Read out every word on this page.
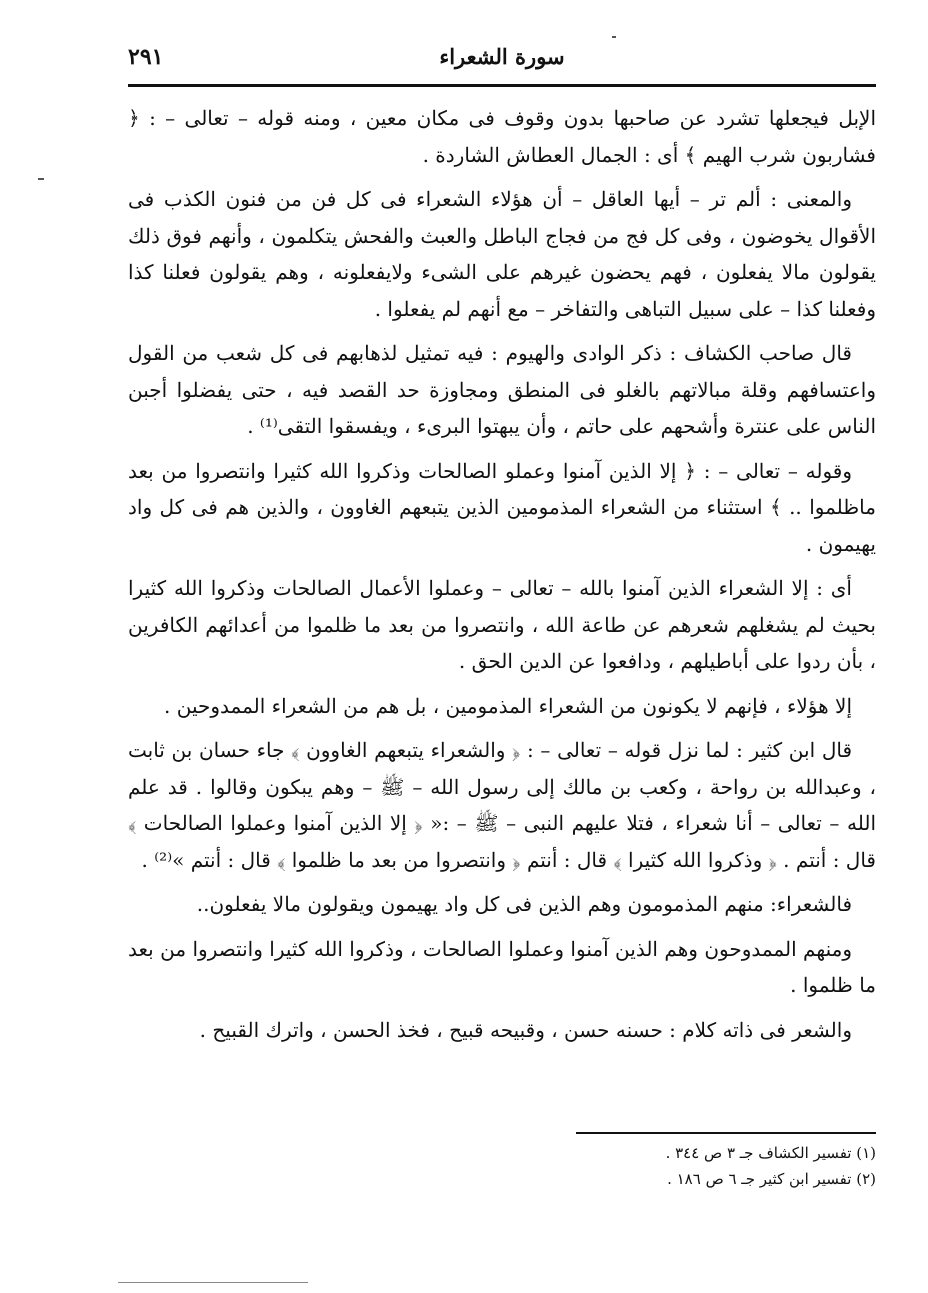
سورة الشعراء
٢٩١

الإبل فيجعلها تشرد عن صاحبها بدون وقوف فى مكان معين ، ومنه قوله – تعالى – : ﴿ فشاربون شرب الهيم ﴾ أى : الجمال العطاش الشاردة .

والمعنى : ألم تر – أيها العاقل – أن هؤلاء الشعراء فى كل فن من فنون الكذب فى الأقوال يخوضون ، وفى كل فج من فجاج الباطل والعبث والفحش يتكلمون ، وأنهم فوق ذلك يقولون مالا يفعلون ، فهم يحضون غيرهم على الشىء ولايفعلونه ، وهم يقولون فعلنا كذا وفعلنا كذا – على سبيل التباهى والتفاخر – مع أنهم لم يفعلوا .

قال صاحب الكشاف : ذكر الوادى والهيوم : فيه تمثيل لذهابهم فى كل شعب من القول واعتسافهم وقلة مبالاتهم بالغلو فى المنطق ومجاوزة حد القصد فيه ، حتى يفضلوا أجبن الناس على عنترة وأشحهم على حاتم ، وأن يبهتوا البرىء ، ويفسقوا التقى⁽¹⁾ .

وقوله – تعالى – : ﴿ إلا الذين آمنوا وعملو الصالحات وذكروا الله كثيرا وانتصروا من بعد ماظلموا .. ﴾ استثناء من الشعراء المذمومين الذين يتبعهم الغاوون ، والذين هم فى كل واد يهيمون .

أى : إلا الشعراء الذين آمنوا بالله – تعالى – وعملوا الأعمال الصالحات وذكروا الله كثيرا بحيث لم يشغلهم شعرهم عن طاعة الله ، وانتصروا من بعد ما ظلموا من أعدائهم الكافرين ، بأن ردوا على أباطيلهم ، ودافعوا عن الدين الحق .

إلا هؤلاء ، فإنهم لا يكونون من الشعراء المذمومين ، بل هم من الشعراء الممدوحين .

قال ابن كثير : لما نزل قوله – تعالى – : ﴿ والشعراء يتبعهم الغاوون ﴾ جاء حسان بن ثابت ، وعبدالله بن رواحة ، وكعب بن مالك إلى رسول الله – ﷺ – وهم يبكون وقالوا . قد علم الله – تعالى – أنا شعراء ، فتلا عليهم النبى – ﷺ – :« ﴿ إلا الذين آمنوا وعملوا الصالحات ﴾ قال : أنتم . ﴿ وذكروا الله كثيرا ﴾ قال : أنتم ﴿ وانتصروا من بعد ما ظلموا ﴾ قال : أنتم »⁽²⁾ .

فالشعراء: منهم المذمومون وهم الذين فى كل واد يهيمون ويقولون مالا يفعلون..

ومنهم الممدوحون وهم الذين آمنوا وعملوا الصالحات ، وذكروا الله كثيرا وانتصروا من بعد ما ظلموا .

والشعر فى ذاته كلام : حسنه حسن ، وقبيحه قبيح ، فخذ الحسن ، واترك القبيح .

(١) تفسير الكشاف جـ ٣ ص ٣٤٤ .
(٢) تفسير ابن كثير جـ ٦ ص ١٨٦ .
